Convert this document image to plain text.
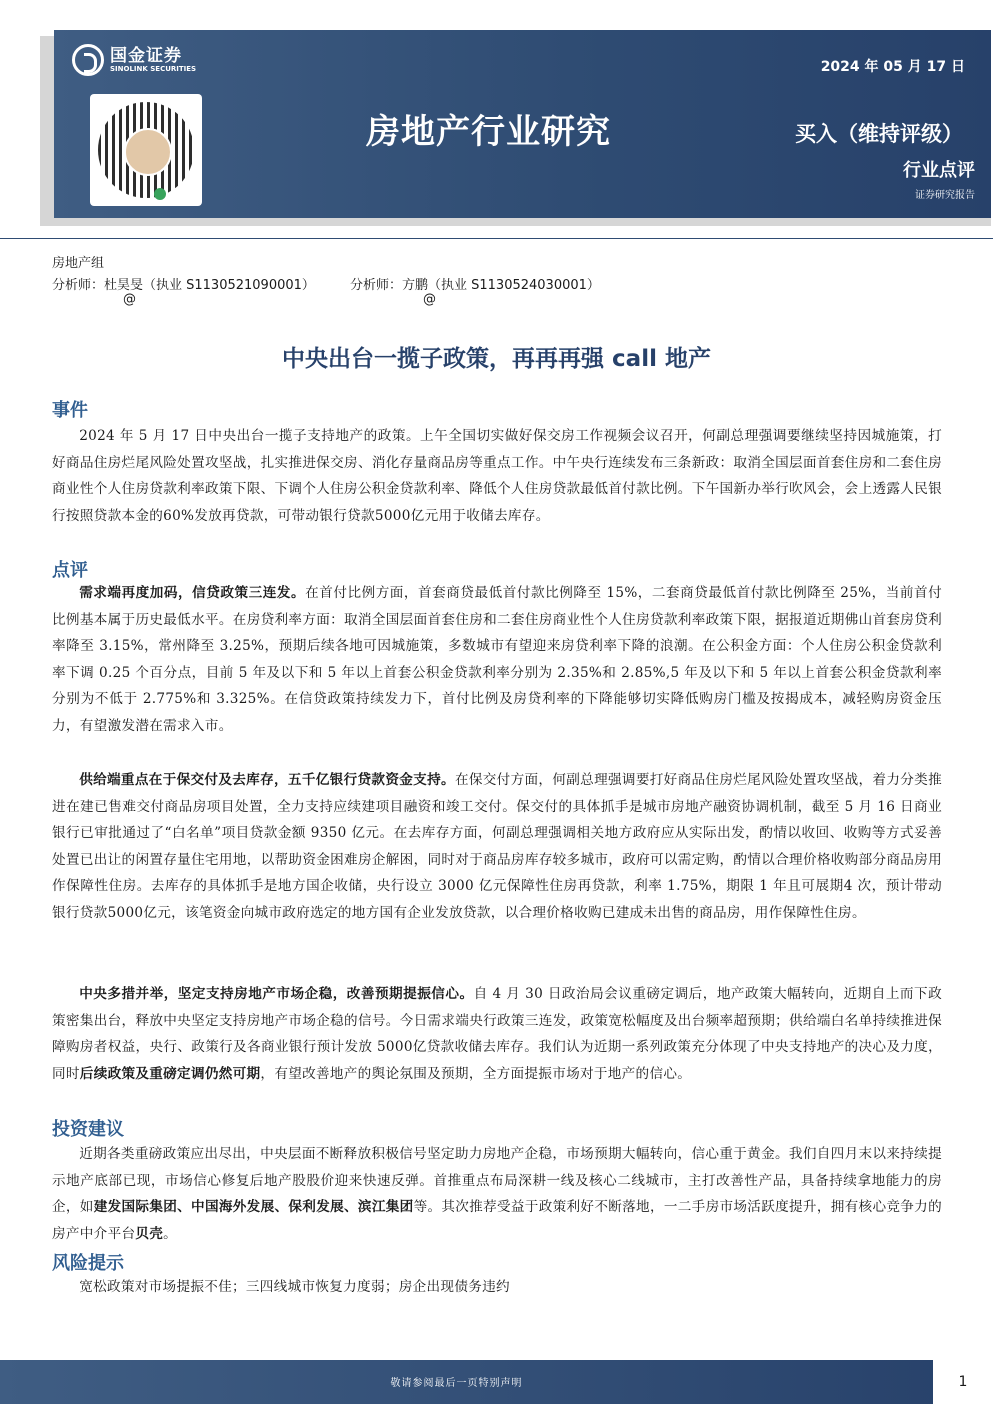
国金证券
SINOLINK SECURITIES
房地产行业研究
2024 年 05 月 17 日
买入（维持评级）
行业点评
证券研究报告
房地产组
分析师：杜昊旻（执业 S1130521090001）	分析师：方鹏（执业 S1130524030001）
@	@
中央出台一揽子政策，再再再强 call 地产
事件
2024 年 5 月 17 日中央出台一揽子支持地产的政策。上午全国切实做好保交房工作视频会议召开，何副总理强调要继续坚持因城施策，打好商品住房烂尾风险处置攻坚战，扎实推进保交房、消化存量商品房等重点工作。中午央行连续发布三条新政：取消全国层面首套住房和二套住房商业性个人住房贷款利率政策下限、下调个人住房公积金贷款利率、降低个人住房贷款最低首付款比例。下午国新办举行吹风会，会上透露人民银行按照贷款本金的60%发放再贷款，可带动银行贷款5000亿元用于收储去库存。
点评
需求端再度加码，信贷政策三连发。在首付比例方面，首套商贷最低首付款比例降至 15%，二套商贷最低首付款比例降至 25%，当前首付比例基本属于历史最低水平。在房贷利率方面：取消全国层面首套住房和二套住房商业性个人住房贷款利率政策下限，据报道近期佛山首套房贷利率降至 3.15%，常州降至 3.25%，预期后续各地可因城施策，多数城市有望迎来房贷利率下降的浪潮。在公积金方面：个人住房公积金贷款利率下调 0.25 个百分点，目前 5 年及以下和 5 年以上首套公积金贷款利率分别为 2.35%和 2.85%,5 年及以下和 5 年以上首套公积金贷款利率分别为不低于 2.775%和 3.325%。在信贷政策持续发力下，首付比例及房贷利率的下降能够切实降低购房门槛及按揭成本，减轻购房资金压力，有望激发潜在需求入市。
供给端重点在于保交付及去库存，五千亿银行贷款资金支持。在保交付方面，何副总理强调要打好商品住房烂尾风险处置攻坚战，着力分类推进在建已售难交付商品房项目处置，全力支持应续建项目融资和竣工交付。保交付的具体抓手是城市房地产融资协调机制，截至 5 月 16 日商业银行已审批通过了“白名单”项目贷款金额 9350 亿元。在去库存方面，何副总理强调相关地方政府应从实际出发，酌情以收回、收购等方式妥善处置已出让的闲置存量住宅用地，以帮助资金困难房企解困，同时对于商品房库存较多城市，政府可以需定购，酌情以合理价格收购部分商品房用作保障性住房。去库存的具体抓手是地方国企收储，央行设立 3000 亿元保障性住房再贷款，利率 1.75%，期限 1 年且可展期4 次，预计带动银行贷款5000亿元，该笔资金向城市政府选定的地方国有企业发放贷款，以合理价格收购已建成未出售的商品房，用作保障性住房。
中央多措并举，坚定支持房地产市场企稳，改善预期提振信心。自 4 月 30 日政治局会议重磅定调后，地产政策大幅转向，近期自上而下政策密集出台，释放中央坚定支持房地产市场企稳的信号。今日需求端央行政策三连发，政策宽松幅度及出台频率超预期；供给端白名单持续推进保障购房者权益，央行、政策行及各商业银行预计发放 5000亿贷款收储去库存。我们认为近期一系列政策充分体现了中央支持地产的决心及力度，同时后续政策及重磅定调仍然可期，有望改善地产的舆论氛围及预期，全方面提振市场对于地产的信心。
投资建议
近期各类重磅政策应出尽出，中央层面不断释放积极信号坚定助力房地产企稳，市场预期大幅转向，信心重于黄金。我们自四月末以来持续提示地产底部已现，市场信心修复后地产股股价迎来快速反弹。首推重点布局深耕一线及核心二线城市，主打改善性产品，具备持续拿地能力的房企，如建发国际集团、中国海外发展、保利发展、滨江集团等。其次推荐受益于政策利好不断落地，一二手房市场活跃度提升，拥有核心竞争力的房产中介平台贝壳。
风险提示
宽松政策对市场提振不佳；三四线城市恢复力度弱；房企出现债务违约
敬请参阅最后一页特别声明	1
